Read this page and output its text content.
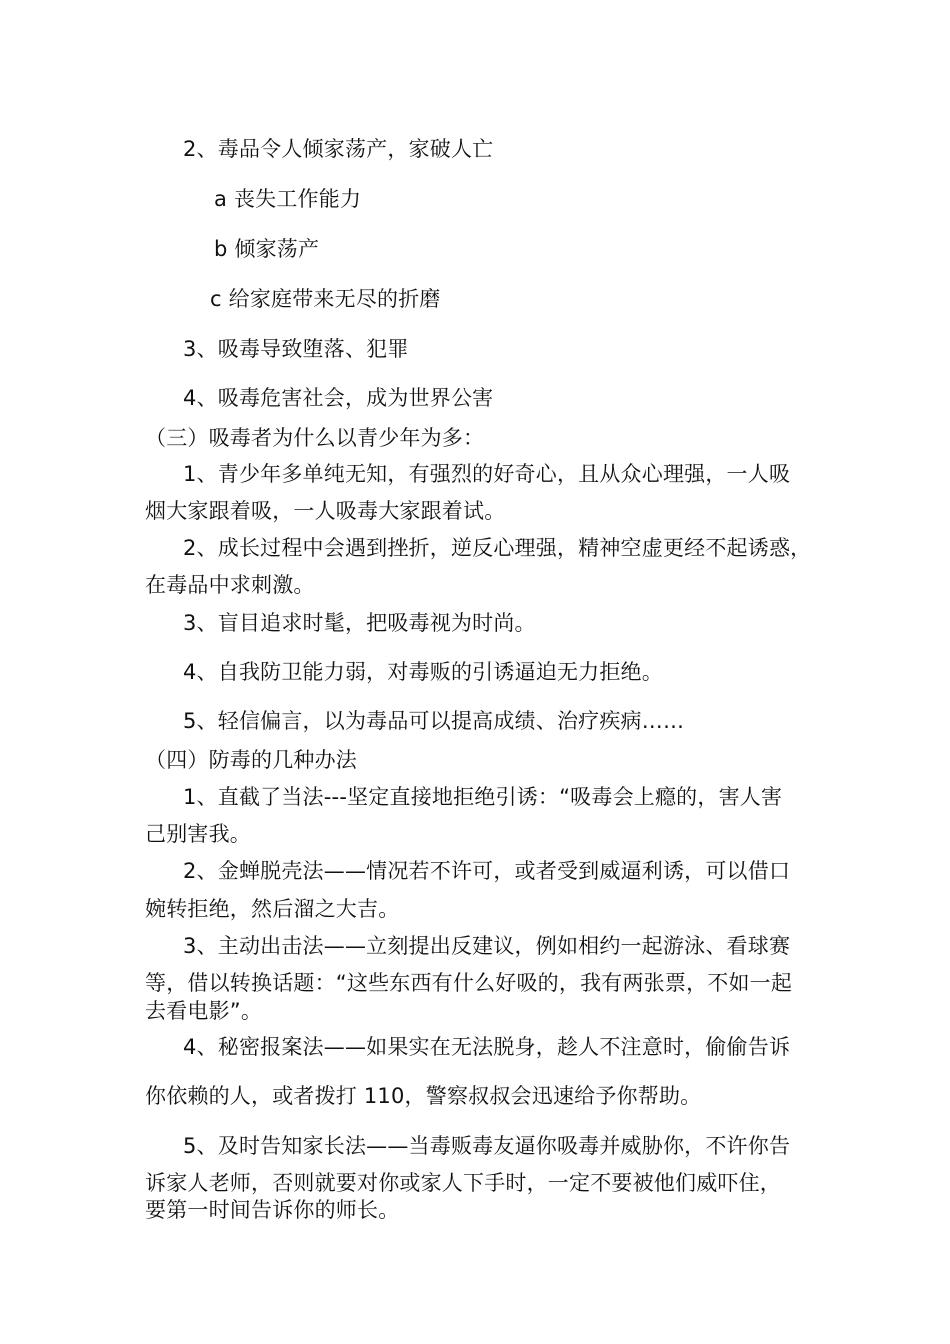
2、毒品令人倾家荡产，家破人亡

a 丧失工作能力

b 倾家荡产

c 给家庭带来无尽的折磨

3、吸毒导致堕落、犯罪

4、吸毒危害社会，成为世界公害

（三）吸毒者为什么以青少年为多：

1、青少年多单纯无知，有强烈的好奇心，且从众心理强，一人吸

烟大家跟着吸，一人吸毒大家跟着试。

2、成长过程中会遇到挫折，逆反心理强，精神空虚更经不起诱惑，

在毒品中求刺激。

3、盲目追求时髦，把吸毒视为时尚。

4、自我防卫能力弱，对毒贩的引诱逼迫无力拒绝。

5、轻信偏言，以为毒品可以提高成绩、治疗疾病……

（四）防毒的几种办法

1、直截了当法---坚定直接地拒绝引诱：“吸毒会上瘾的，害人害

己别害我。

2、金蝉脱壳法——情况若不许可，或者受到威逼利诱，可以借口

婉转拒绝，然后溜之大吉。

3、主动出击法——立刻提出反建议，例如相约一起游泳、看球赛

等，借以转换话题：“这些东西有什么好吸的，我有两张票，不如一起

去看电影”。

4、秘密报案法——如果实在无法脱身，趁人不注意时，偷偷告诉

你依赖的人，或者拨打 110，警察叔叔会迅速给予你帮助。

5、及时告知家长法——当毒贩毒友逼你吸毒并威胁你，不许你告

诉家人老师，否则就要对你或家人下手时，一定不要被他们威吓住，

要第一时间告诉你的师长。
